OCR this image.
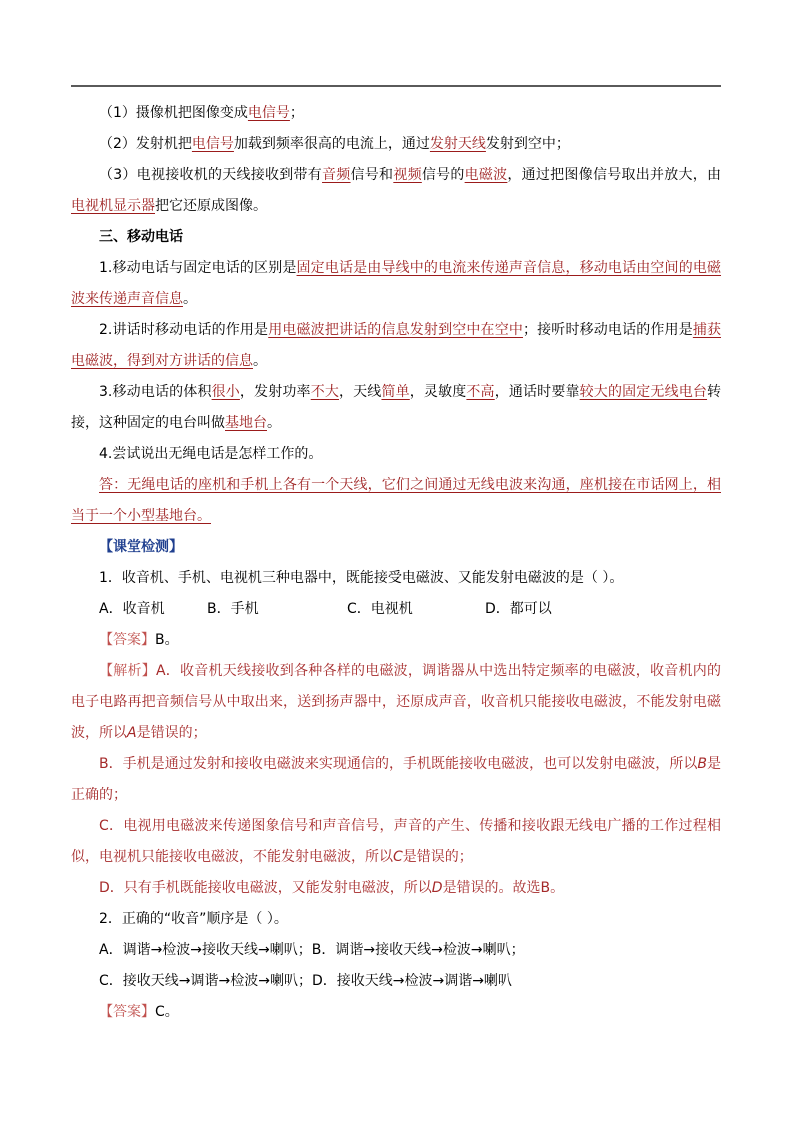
（1）摄像机把图像变成电信号；

（2）发射机把电信号加载到频率很高的电流上，通过发射天线发射到空中；

（3）电视接收机的天线接收到带有音频信号和视频信号的电磁波，通过把图像信号取出并放大，由电视机显示器把它还原成图像。

三、移动电话

1.移动电话与固定电话的区别是固定电话是由导线中的电流来传递声音信息，移动电话由空间的电磁波来传递声音信息。

2.讲话时移动电话的作用是用电磁波把讲话的信息发射到空中在空中；接听时移动电话的作用是捕获电磁波，得到对方讲话的信息。

3.移动电话的体积很小，发射功率不大，天线简单，灵敏度不高，通话时要靠较大的固定无线电台转接，这种固定的电台叫做基地台。

4.尝试说出无绳电话是怎样工作的。

答：无绳电话的座机和手机上各有一个天线，它们之间通过无线电波来沟通，座机接在市话网上，相当于一个小型基地台。

【课堂检测】

1．收音机、手机、电视机三种电器中，既能接受电磁波、又能发射电磁波的是（ ）。

A．收音机	B．手机	C．电视机	D．都可以

【答案】B。

【解析】A．收音机天线接收到各种各样的电磁波，调谐器从中选出特定频率的电磁波，收音机内的电子电路再把音频信号从中取出来，送到扬声器中，还原成声音，收音机只能接收电磁波，不能发射电磁波，所以A是错误的；

B．手机是通过发射和接收电磁波来实现通信的，手机既能接收电磁波，也可以发射电磁波，所以B是正确的；

C．电视用电磁波来传递图象信号和声音信号，声音的产生、传播和接收跟无线电广播的工作过程相似，电视机只能接收电磁波，不能发射电磁波，所以C是错误的；

D．只有手机既能接收电磁波，又能发射电磁波，所以D是错误的。故选B。

2．正确的“收音”顺序是（ ）。

A．调谐→检波→接收天线→喇叭；B．调谐→接收天线→检波→喇叭；

C．接收天线→调谐→检波→喇叭；D．接收天线→检波→调谐→喇叭

【答案】C。
